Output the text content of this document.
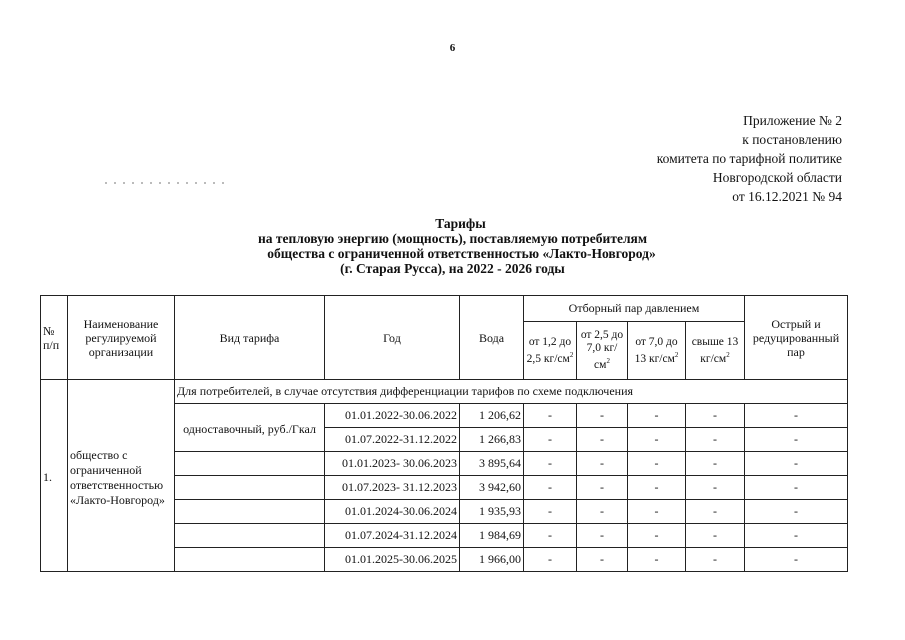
6
Приложение № 2
к постановлению
комитета по тарифной политике
Новгородской области
от 16.12.2021 № 94
Тарифы
на тепловую энергию (мощность), поставляемую потребителям
общества с ограниченной ответственностью «Лакто-Новгород»
(г. Старая Русса), на 2022 - 2026 годы
№ п/п	Наименование регулируемой организации	Вид тарифа	Год	Вода	Отборный пар давлением				Острый и редуцированный пар
					от 1,2 до 2,5 $кг/см^2$	от 2,5 до 7,0 $кг/см^2$	от 7,0 до 13 $кг/см^2$	свыше 13 $кг/см^2$
1.	общество с ограниченной ответственностью «Лакто-Новгород»	Для потребителей, в случае отсутствия дифференциации тарифов по схеме подключения							
		одноставочный, руб./Гкал	01.01.2022-30.06.2022	1 206,62	-	-	-	-	-
			01.07.2022-31.12.2022	1 266,83	-	-	-	-	-
			01.01.2023- 30.06.2023	3 895,64	-	-	-	-	-
			01.07.2023- 31.12.2023	3 942,60	-	-	-	-	-
			01.01.2024-30.06.2024	1 935,93	-	-	-	-	-
			01.07.2024-31.12.2024	1 984,69	-	-	-	-	-
			01.01.2025-30.06.2025	1 966,00	-	-	-	-	-
